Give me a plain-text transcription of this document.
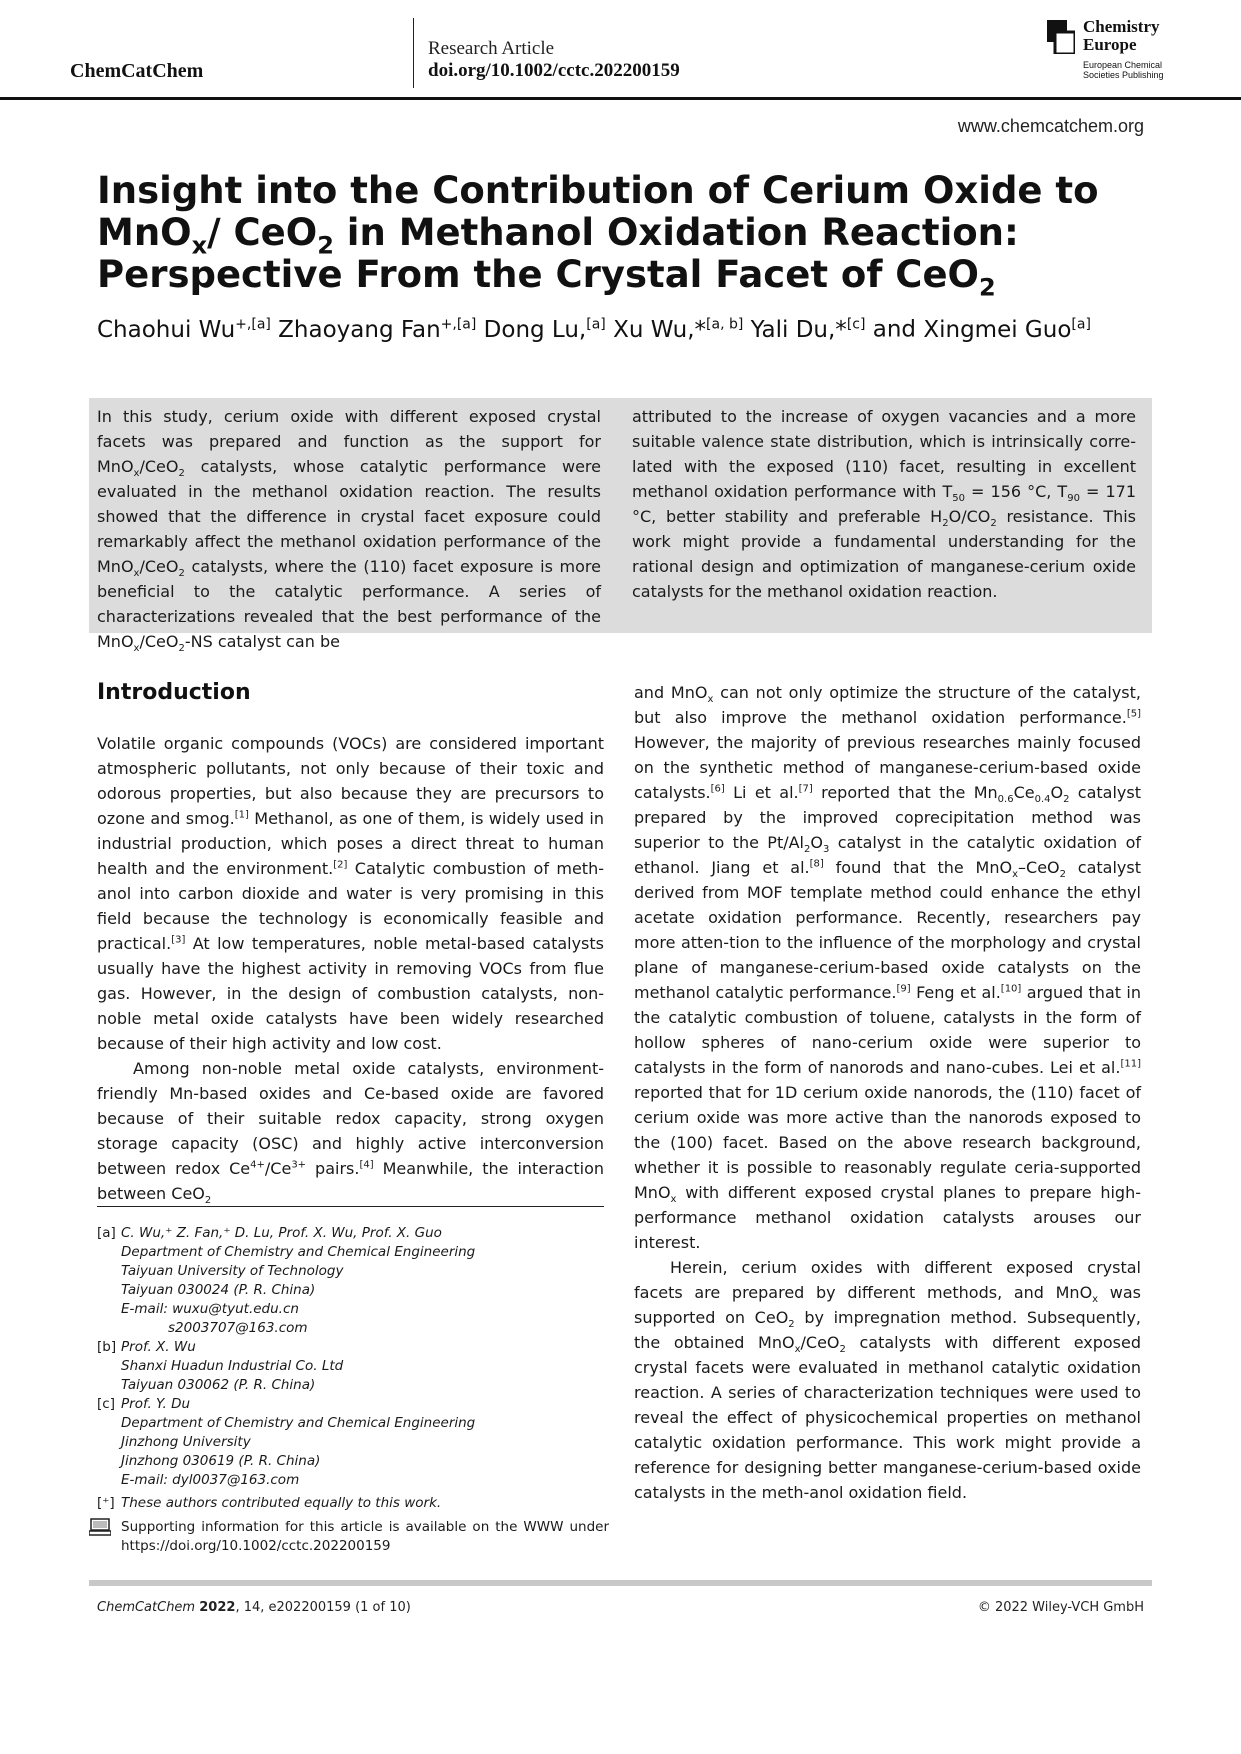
ChemCatChem
Research Article
doi.org/10.1002/cctc.202200159
Chemistry
Europe
European Chemical
Societies Publishing
www.chemcatchem.org
Insight into the Contribution of Cerium Oxide to MnO$_x$/ CeO$_2$ in Methanol Oxidation Reaction: Perspective From the Crystal Facet of CeO$_2$
Chaohui $Wu^{+,[a]}$ Zhaoyang Fan$^{+,[a]}$ Dong Lu,[a] Xu Wu,*[a, b] Yali Du,*[c] and Xingmei Guo[a]
In this study, cerium oxide with different exposed crystal facets was prepared and function as the support for MnO$_x$/CeO$_2$ catalysts, whose catalytic performance were evaluated in the methanol oxidation reaction. The results showed that the difference in crystal facet exposure could remarkably affect the methanol oxidation performance of the MnO$_x$/CeO$_2$ catalysts, where the (110) facet exposure is more beneficial to the catalytic performance. A series of characterizations revealed that the best performance of the MnO$_x$/CeO$_2$-NS catalyst can be
attributed to the increase of oxygen vacancies and a more suitable valence state distribution, which is intrinsically corre-lated with the exposed (110) facet, resulting in excellent methanol oxidation performance with $T_{50} = 156$ °C, $T_{90} = 171$ °C, better stability and preferable $H_2O/CO_2$ resistance. This work might provide a fundamental understanding for the rational design and optimization of manganese-cerium oxide catalysts for the methanol oxidation reaction.
Introduction

Volatile organic compounds (VOCs) are considered important atmospheric pollutants, not only because of their toxic and odorous properties, but also because they are precursors to ozone and smog.[1] Methanol, as one of them, is widely used in industrial production, which poses a direct threat to human health and the environment.[2] Catalytic combustion of meth-anol into carbon dioxide and water is very promising in this field because the technology is economically feasible and practical.[3] At low temperatures, noble metal-based catalysts usually have the highest activity in removing VOCs from flue gas. However, in the design of combustion catalysts, non-noble metal oxide catalysts have been widely researched because of their high activity and low cost.

Among non-noble metal oxide catalysts, environment-friendly Mn-based oxides and Ce-based oxide are favored because of their suitable redox capacity, strong oxygen storage capacity (OSC) and highly active interconversion between redox $Ce^{4+}/Ce^{3+}$ pairs.[4] Meanwhile, the interaction between CeO$_2$

and MnO$_x$ can not only optimize the structure of the catalyst, but also improve the methanol oxidation performance.[5] However, the majority of previous researches mainly focused on the synthetic method of manganese-cerium-based oxide catalysts.[6] Li et al.[7] reported that the $Mn_{0.6}Ce_{0.4}O_2$ catalyst prepared by the improved coprecipitation method was superior to the $Pt/Al_2O_3$ catalyst in the catalytic oxidation of ethanol. Jiang et al.[8] found that the MnO$_x$–CeO$_2$ catalyst derived from MOF template method could enhance the ethyl acetate oxidation performance. Recently, researchers pay more atten-tion to the influence of the morphology and crystal plane of manganese-cerium-based oxide catalysts on the methanol catalytic performance.[9] Feng et al.[10] argued that in the catalytic combustion of toluene, catalysts in the form of hollow spheres of nano-cerium oxide were superior to catalysts in the form of nanorods and nano-cubes. Lei et al.[11] reported that for 1D cerium oxide nanorods, the (110) facet of cerium oxide was more active than the nanorods exposed to the (100) facet. Based on the above research background, whether it is possible to reasonably regulate ceria-supported MnO$_x$ with different exposed crystal planes to prepare high-performance methanol oxidation catalysts arouses our interest.

Herein, cerium oxides with different exposed crystal facets are prepared by different methods, and MnO$_x$ was supported on CeO$_2$ by impregnation method. Subsequently, the obtained MnO$_x$/CeO$_2$ catalysts with different exposed crystal facets were evaluated in methanol catalytic oxidation reaction. A series of characterization techniques were used to reveal the effect of physicochemical properties on methanol catalytic oxidation performance. This work might provide a reference for designing better manganese-cerium-based oxide catalysts in the meth-anol oxidation field.

[a] C. Wu,⁺ Z. Fan,⁺ D. Lu, Prof. X. Wu, Prof. X. Guo
Department of Chemistry and Chemical Engineering
Taiyuan University of Technology
Taiyuan 030024 (P. R. China)
E-mail: wuxu@tyut.edu.cn
s2003707@163.com
[b] Prof. X. Wu
Shanxi Huadun Industrial Co. Ltd
Taiyuan 030062 (P. R. China)
[c] Prof. Y. Du
Department of Chemistry and Chemical Engineering
Jinzhong University
Jinzhong 030619 (P. R. China)
E-mail: dyl0037@163.com
[⁺] These authors contributed equally to this work.
Supporting information for this article is available on the WWW under https://doi.org/10.1002/cctc.202200159
ChemCatChem 2022, 14, e202200159 (1 of 10)	© 2022 Wiley-VCH GmbH
